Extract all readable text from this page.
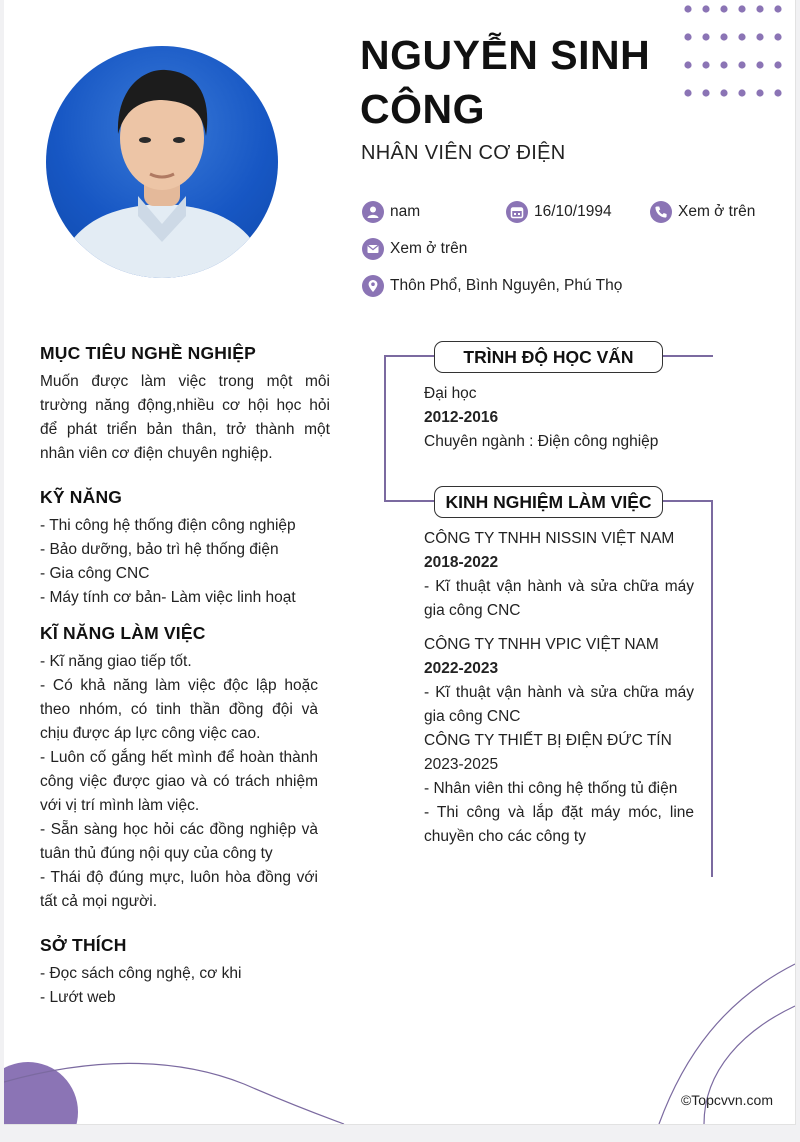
NGUYỄN SINH CÔNG
NHÂN VIÊN CƠ ĐIỆN
nam	16/10/1994	Xem ở trên
Xem ở trên
Thôn Phổ, Bình Nguyên, Phú Thọ
MỤC TIÊU NGHỀ NGHIỆP
Muốn được làm việc trong một môi trường năng động,nhiều cơ hội học hỏi để phát triển bản thân, trở thành một nhân viên cơ điện chuyên nghiệp.
KỸ NĂNG
- Thi công hệ thống điện công nghiệp
- Bảo dưỡng, bảo trì hệ thống điện
- Gia công CNC
- Máy tính cơ bản- Làm việc linh hoạt
KĨ NĂNG LÀM VIỆC
- Kĩ năng giao tiếp tốt.
- Có khả năng làm việc độc lập hoặc theo nhóm, có tinh thần đồng đội và chịu được áp lực công việc cao.
- Luôn cố gắng hết mình để hoàn thành công việc được giao và có trách nhiệm với vị trí mình làm việc.
- Sẵn sàng học hỏi các đồng nghiệp và tuân thủ đúng nội quy của công ty
- Thái độ đúng mực, luôn hòa đồng với tất cả mọi người.
SỞ THÍCH
- Đọc sách công nghệ, cơ khi
- Lướt web
TRÌNH ĐỘ HỌC VẤN
Đại học
2012-2016
Chuyên ngành : Điện công nghiệp
KINH NGHIỆM LÀM VIỆC
CÔNG TY TNHH NISSIN VIỆT NAM
2018-2022
- Kĩ thuật vận hành và sửa chữa máy gia công CNC
CÔNG TY TNHH VPIC VIỆT NAM
2022-2023
- Kĩ thuật vận hành và sửa chữa máy gia công CNC
CÔNG TY THIẾT BỊ ĐIỆN ĐỨC TÍN
2023-2025
- Nhân viên thi công hệ thống tủ điện
- Thi công và lắp đặt máy móc, line chuyền cho các công ty
©Topcvvn.com
